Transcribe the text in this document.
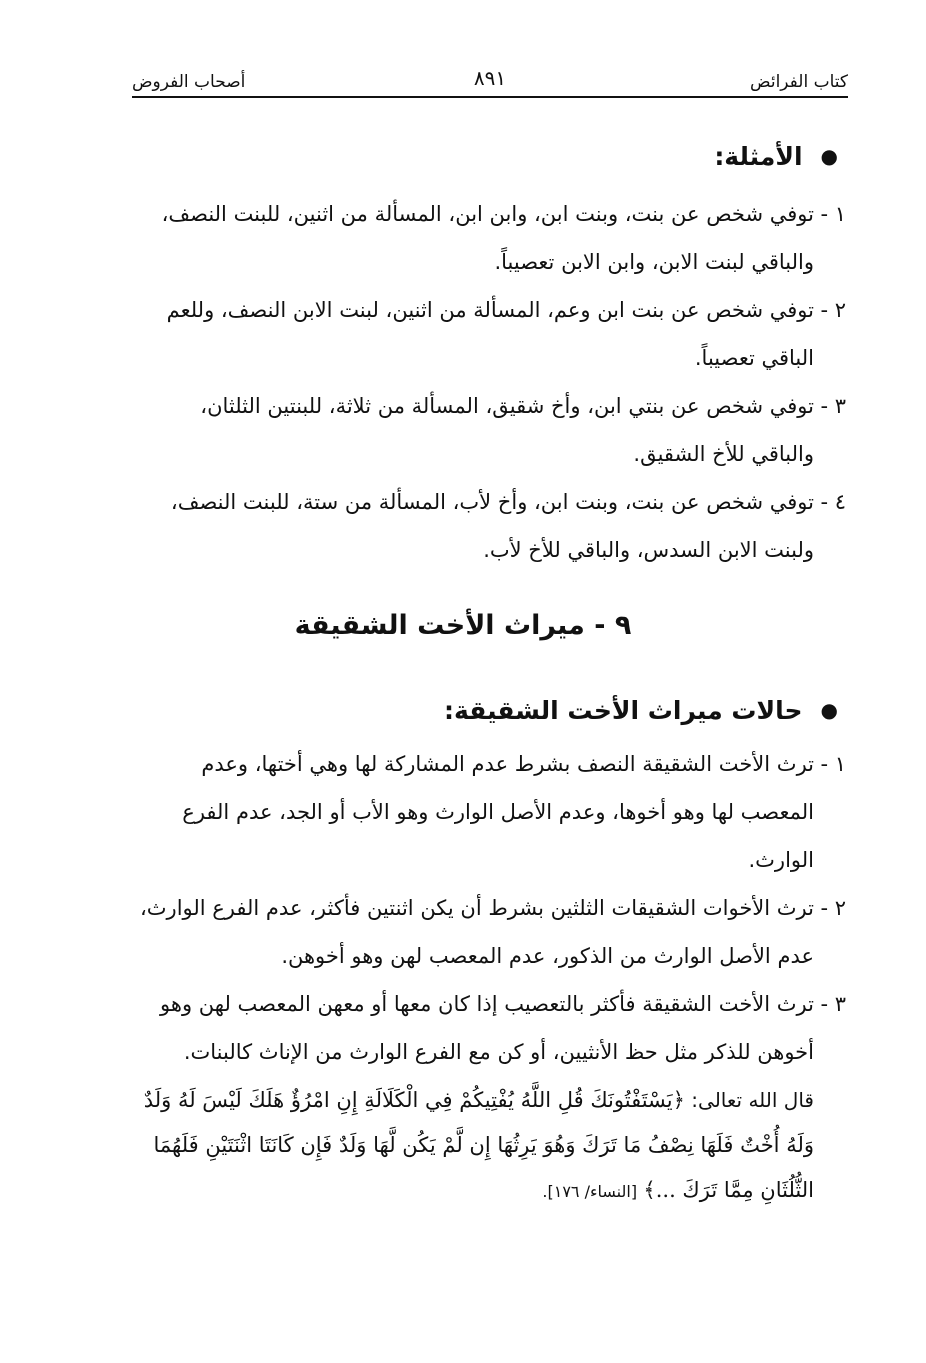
كتاب الفرائض
٨٩١
أصحاب الفروض
●الأمثلة:
١ -توفي شخص عن بنت، وبنت ابن، وابن ابن، المسألة من اثنين، للبنت النصف،
والباقي لبنت الابن، وابن الابن تعصيباً.
٢ -توفي شخص عن بنت ابن وعم، المسألة من اثنين، لبنت الابن النصف، وللعم
الباقي تعصيباً.
٣ -توفي شخص عن بنتي ابن، وأخ شقيق، المسألة من ثلاثة، للبنتين الثلثان،
والباقي للأخ الشقيق.
٤ -توفي شخص عن بنت، وبنت ابن، وأخ لأب، المسألة من ستة، للبنت النصف،
ولبنت الابن السدس، والباقي للأخ لأب.
٩ - ميراث الأخت الشقيقة
●حالات ميراث الأخت الشقيقة:
١ -ترث الأخت الشقيقة النصف بشرط عدم المشاركة لها وهي أختها، وعدم
المعصب لها وهو أخوها، وعدم الأصل الوارث وهو الأب أو الجد، عدم الفرع
الوارث.
٢ -ترث الأخوات الشقيقات الثلثين بشرط أن يكن اثنتين فأكثر، عدم الفرع الوارث،
عدم الأصل الوارث من الذكور، عدم المعصب لهن وهو أخوهن.
٣ -ترث الأخت الشقيقة فأكثر بالتعصيب إذا كان معها أو معهن المعصب لهن وهو
أخوهن للذكر مثل حظ الأنثيين، أو كن مع الفرع الوارث من الإناث كالبنات.
قال الله تعالى: ﴿يَسْتَفْتُونَكَ قُلِ اللَّهُ يُفْتِيكُمْ فِي الْكَلَالَةِ إِنِ امْرُؤٌ هَلَكَ لَيْسَ لَهُ وَلَدٌ
وَلَهُ أُخْتٌ فَلَهَا نِصْفُ مَا تَرَكَ وَهُوَ يَرِثُهَا إِن لَّمْ يَكُن لَّهَا وَلَدٌ فَإِن كَانَتَا اثْنَتَيْنِ فَلَهُمَا
الثُّلُثَانِ مِمَّا تَرَكَ ...﴾ [النساء/ ١٧٦].
